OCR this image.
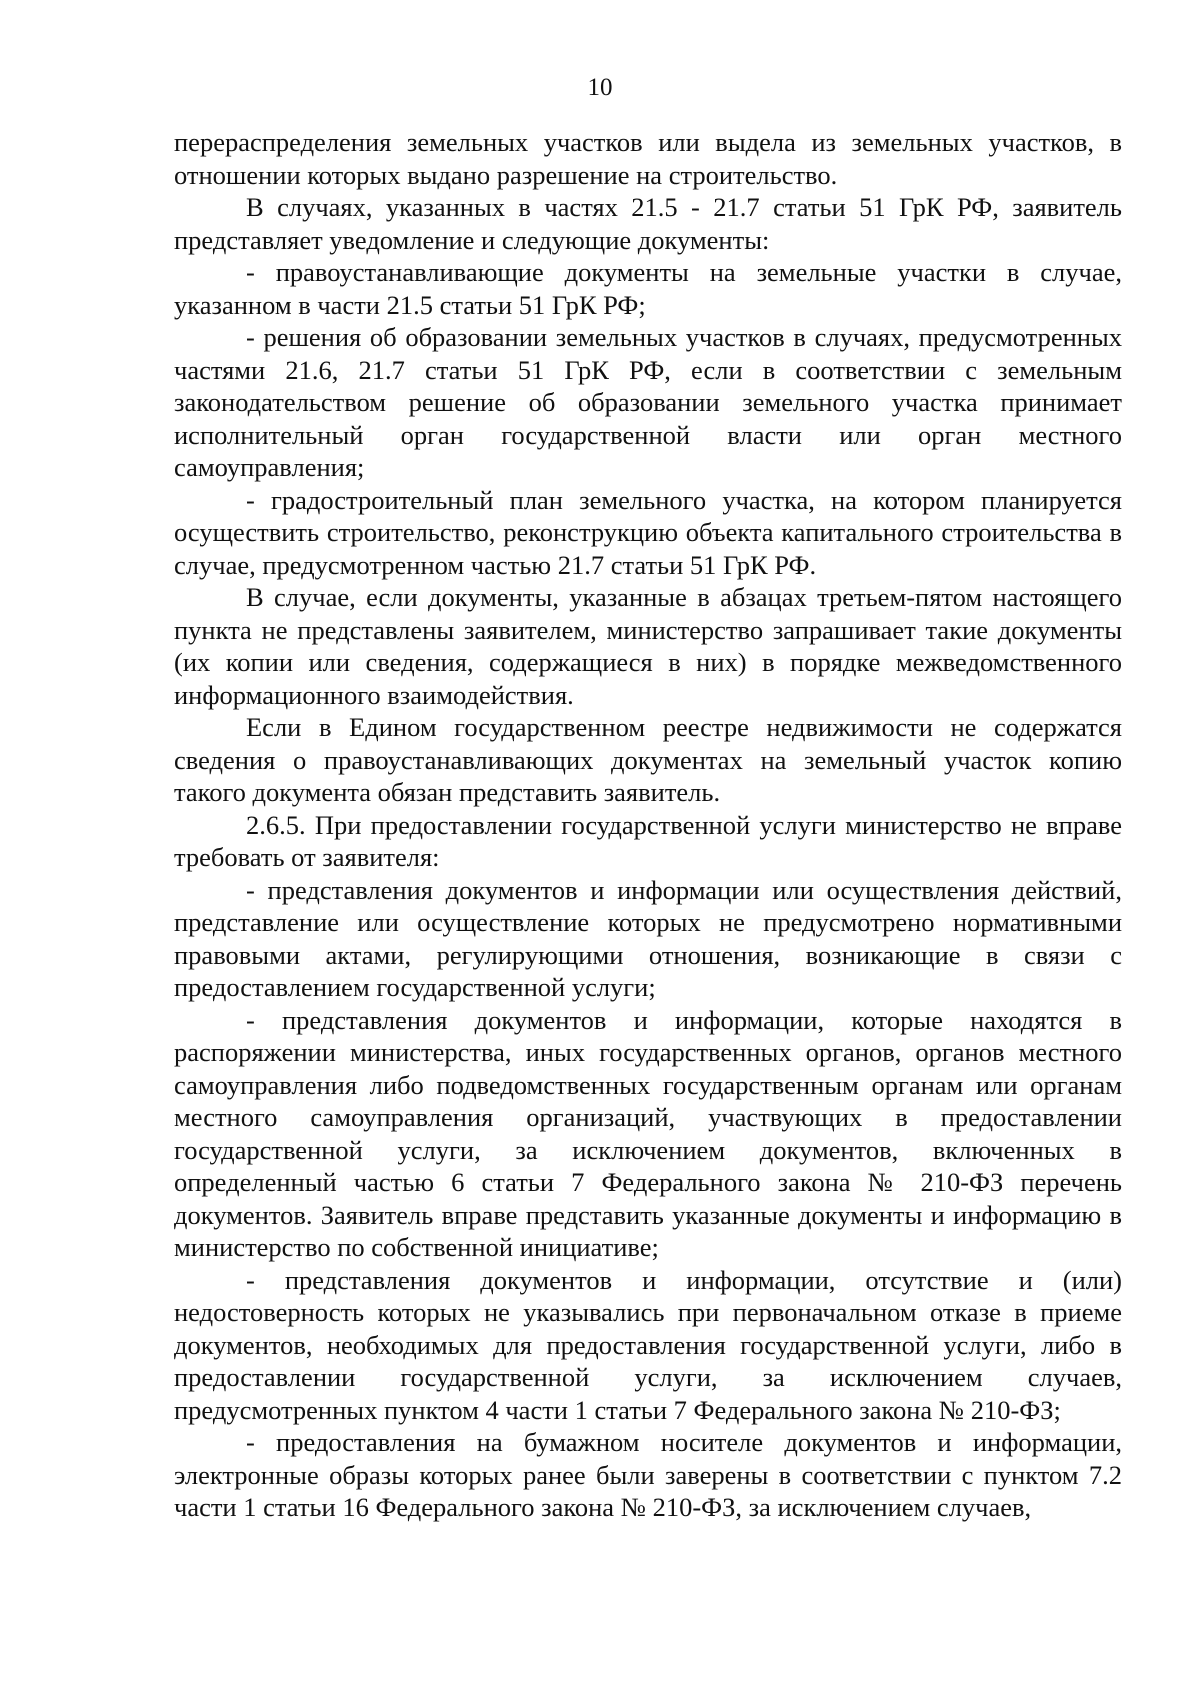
10

перераспределения земельных участков или выдела из земельных участков, в отношении которых выдано разрешение на строительство.

В случаях, указанных в частях 21.5 - 21.7 статьи 51 ГрК РФ, заявитель представляет уведомление и следующие документы:

- правоустанавливающие документы на земельные участки в случае, указанном в части 21.5 статьи 51 ГрК РФ;

- решения об образовании земельных участков в случаях, предусмотренных частями 21.6, 21.7 статьи 51 ГрК РФ, если в соответствии с земельным законодательством решение об образовании земельного участка принимает исполнительный орган государственной власти или орган местного самоуправления;

- градостроительный план земельного участка, на котором планируется осуществить строительство, реконструкцию объекта капитального строительства в случае, предусмотренном частью 21.7 статьи 51 ГрК РФ.

В случае, если документы, указанные в абзацах третьем-пятом настоящего пункта не представлены заявителем, министерство запрашивает такие документы (их копии или сведения, содержащиеся в них) в порядке межведомственного информационного взаимодействия.

Если в Едином государственном реестре недвижимости не содержатся сведения о правоустанавливающих документах на земельный участок копию такого документа обязан представить заявитель.

2.6.5. При предоставлении государственной услуги министерство не вправе требовать от заявителя:

- представления документов и информации или осуществления действий, представление или осуществление которых не предусмотрено нормативными правовыми актами, регулирующими отношения, возникающие в связи с предоставлением государственной услуги;

- представления документов и информации, которые находятся в распоряжении министерства, иных государственных органов, органов местного самоуправления либо подведомственных государственным органам или органам местного самоуправления организаций, участвующих в предоставлении государственной услуги, за исключением документов, включенных в определенный частью 6 статьи 7 Федерального закона № 210-ФЗ перечень документов. Заявитель вправе представить указанные документы и информацию в министерство по собственной инициативе;

- представления документов и информации, отсутствие и (или) недостоверность которых не указывались при первоначальном отказе в приеме документов, необходимых для предоставления государственной услуги, либо в предоставлении государственной услуги, за исключением случаев, предусмотренных пунктом 4 части 1 статьи 7 Федерального закона № 210-ФЗ;

- предоставления на бумажном носителе документов и информации, электронные образы которых ранее были заверены в соответствии с пунктом 7.2 части 1 статьи 16 Федерального закона № 210-ФЗ, за исключением случаев,
